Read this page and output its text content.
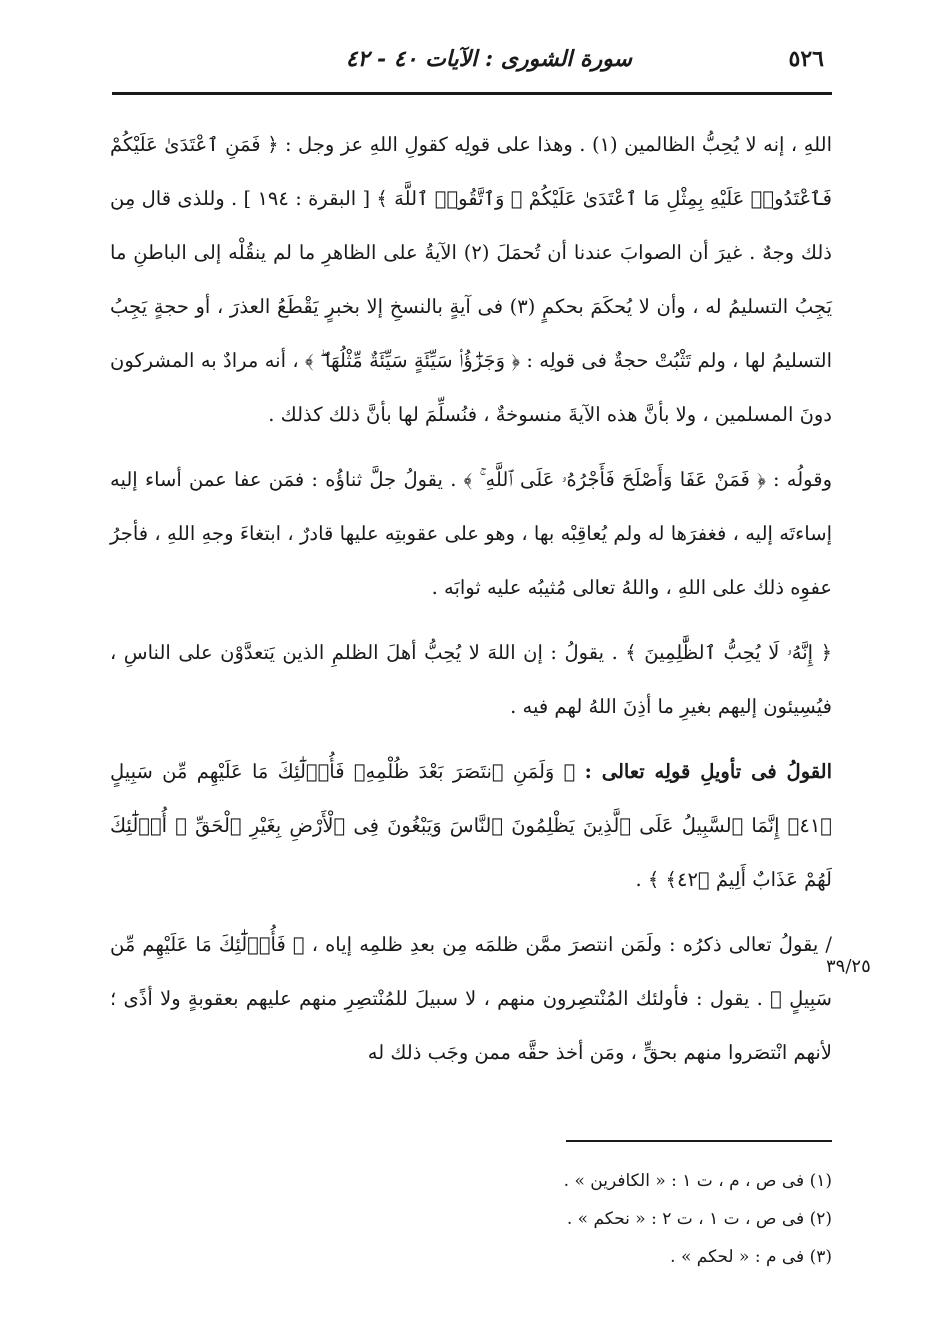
٥٢٦
سورة الشورى : الآيات ٤٠ - ٤٢

اللهِ ، إنه لا يُحِبُّ الظالمين (١) . وهذا على قولِه كقولِ اللهِ عز وجل : ﴿ فَمَنِ ٱعْتَدَىٰ عَلَيْكُمْ فَٱعْتَدُوا۟ عَلَيْهِ بِمِثْلِ مَا ٱعْتَدَىٰ عَلَيْكُمْ ۚ وَٱتَّقُوا۟ ٱللَّهَ ﴾ [ البقرة : ١٩٤ ] . وللذى قال مِن ذلك وجهٌ . غيرَ أن الصوابَ عندنا أن تُحمَلَ (٢) الآيةُ على الظاهرِ ما لم ينقُلْه إلى الباطنِ ما يَجِبُ التسليمُ له ، وأن لا يُحكَمَ بحكمٍ (٣) فى آيةٍ بالنسخِ إلا بخبرٍ يَقْطَعُ العذرَ ، أو حجةٍ يَجِبُ التسليمُ لها ، ولم تَثْبُتْ حجةٌ فى قولِه : ﴿ وَجَزَٰٓؤُا۟ سَيِّئَةٍ سَيِّئَةٌ مِّثْلُهَا ۖ ﴾ ، أنه مرادٌ به المشركون دونَ المسلمين ، ولا بأنَّ هذه الآيةَ منسوخةٌ ، فنُسلِّمَ لها بأنَّ ذلك كذلك .

وقولُه : ﴿ فَمَنْ عَفَا وَأَصْلَحَ فَأَجْرُهُۥ عَلَى ٱللَّهِ ۚ ﴾ . يقولُ جلَّ ثناؤُه : فمَن عفا عمن أساء إليه إساءتَه إليه ، فغفرَها له ولم يُعاقِبْه بها ، وهو على عقوبتِه عليها قادرٌ ، ابتغاءَ وجهِ اللهِ ، فأجرُ عفوِه ذلك على اللهِ ، واللهُ تعالى مُثيبُه عليه ثوابَه .

﴿ إِنَّهُۥ لَا يُحِبُّ ٱلظَّٰلِمِينَ ﴾ . يقولُ : إن اللهَ لا يُحِبُّ أهلَ الظلمِ الذين يَتعدَّوْن على الناسِ ، فيُسِيئون إليهم بغيرِ ما أذِنَ اللهُ لهم فيه .

القولُ فى تأويلِ قولِه تعالى : ﴿ وَلَمَنِ ٱنتَصَرَ بَعْدَ ظُلْمِهِۦ فَأُو۟لَٰٓئِكَ مَا عَلَيْهِم مِّن سَبِيلٍ ﴿٤١﴾ إِنَّمَا ٱلسَّبِيلُ عَلَى ٱلَّذِينَ يَظْلِمُونَ ٱلنَّاسَ وَيَبْغُونَ فِى ٱلْأَرْضِ بِغَيْرِ ٱلْحَقِّ ۚ أُو۟لَٰٓئِكَ لَهُمْ عَذَابٌ أَلِيمٌ ﴿٤٢﴾ ﴾ .

/ يقولُ تعالى ذكرُه : ولَمَن انتصرَ ممَّن ظلمَه مِن بعدِ ظلمِه إياه ، ﴿ فَأُو۟لَٰٓئِكَ مَا عَلَيْهِم مِّن سَبِيلٍ ﴾ . يقول : فأولئك المُنْتصِرون منهم ، لا سبيلَ للمُنْتصِرِ منهم عليهم بعقوبةٍ ولا أذًى ؛ لأنهم انْتصَروا منهم بحقٍّ ، ومَن أخذ حقَّه ممن وجَب ذلك له

٣٩/٢٥

(١) فى ص ، م ، ت ١ : « الكافرين » .

(٢) فى ص ، ت ١ ، ت ٢ : « نحكم » .

(٣) فى م : « لحكم » .
